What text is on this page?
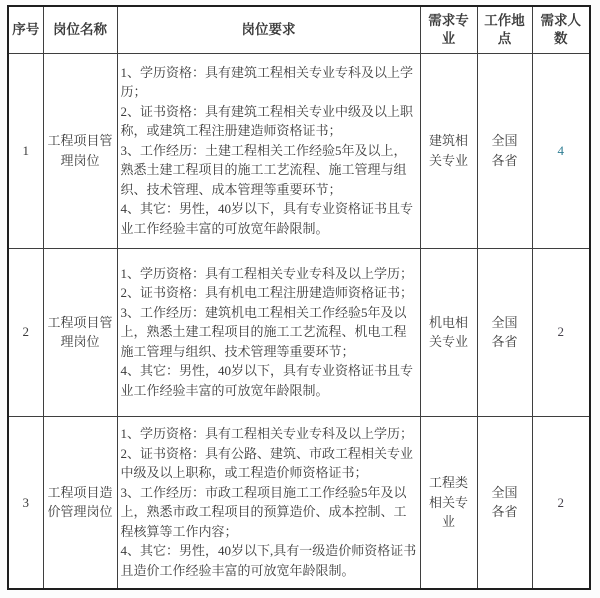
序号	岗位名称	岗位要求	需求专业	工作地点	需求人数
1	工程项目管理岗位	1、学历资格：具有建筑工程相关专业专科及以上学历；

2、证书资格：具有建筑工程相关专业中级及以上职称，或建筑工程注册建造师资格证书；

3、工作经历：土建工程相关工作经验5年及以上，熟悉土建工程项目的施工工艺流程、施工管理与组织、技术管理、成本管理等重要环节；

4、其它：男性，40岁以下，具有专业资格证书且专业工作经验丰富的可放宽年龄限制。	建筑相关专业	全国各省	4
2	工程项目管理岗位	1、学历资格：具有工程相关专业专科及以上学历；

2、证书资格：具有机电工程注册建造师资格证书；

3、工作经历：建筑机电工程相关工作经验5年及以上，熟悉土建工程项目的施工工艺流程、机电工程施工管理与组织、技术管理等重要环节；

4、其它：男性，40岁以下，具有专业资格证书且专业工作经验丰富的可放宽年龄限制。	机电相关专业	全国各省	2
3	工程项目造价管理岗位	1、学历资格：具有工程相关专业专科及以上学历；

2、证书资格：具有公路、建筑、市政工程相关专业中级及以上职称，或工程造价师资格证书；

3、工作经历：市政工程项目施工工作经验5年及以上，熟悉市政工程项目的预算造价、成本控制、工程核算等工作内容；

4、其它：男性，40岁以下,具有一级造价师资格证书且造价工作经验丰富的可放宽年龄限制。	工程类相关专业	全国各省	2
